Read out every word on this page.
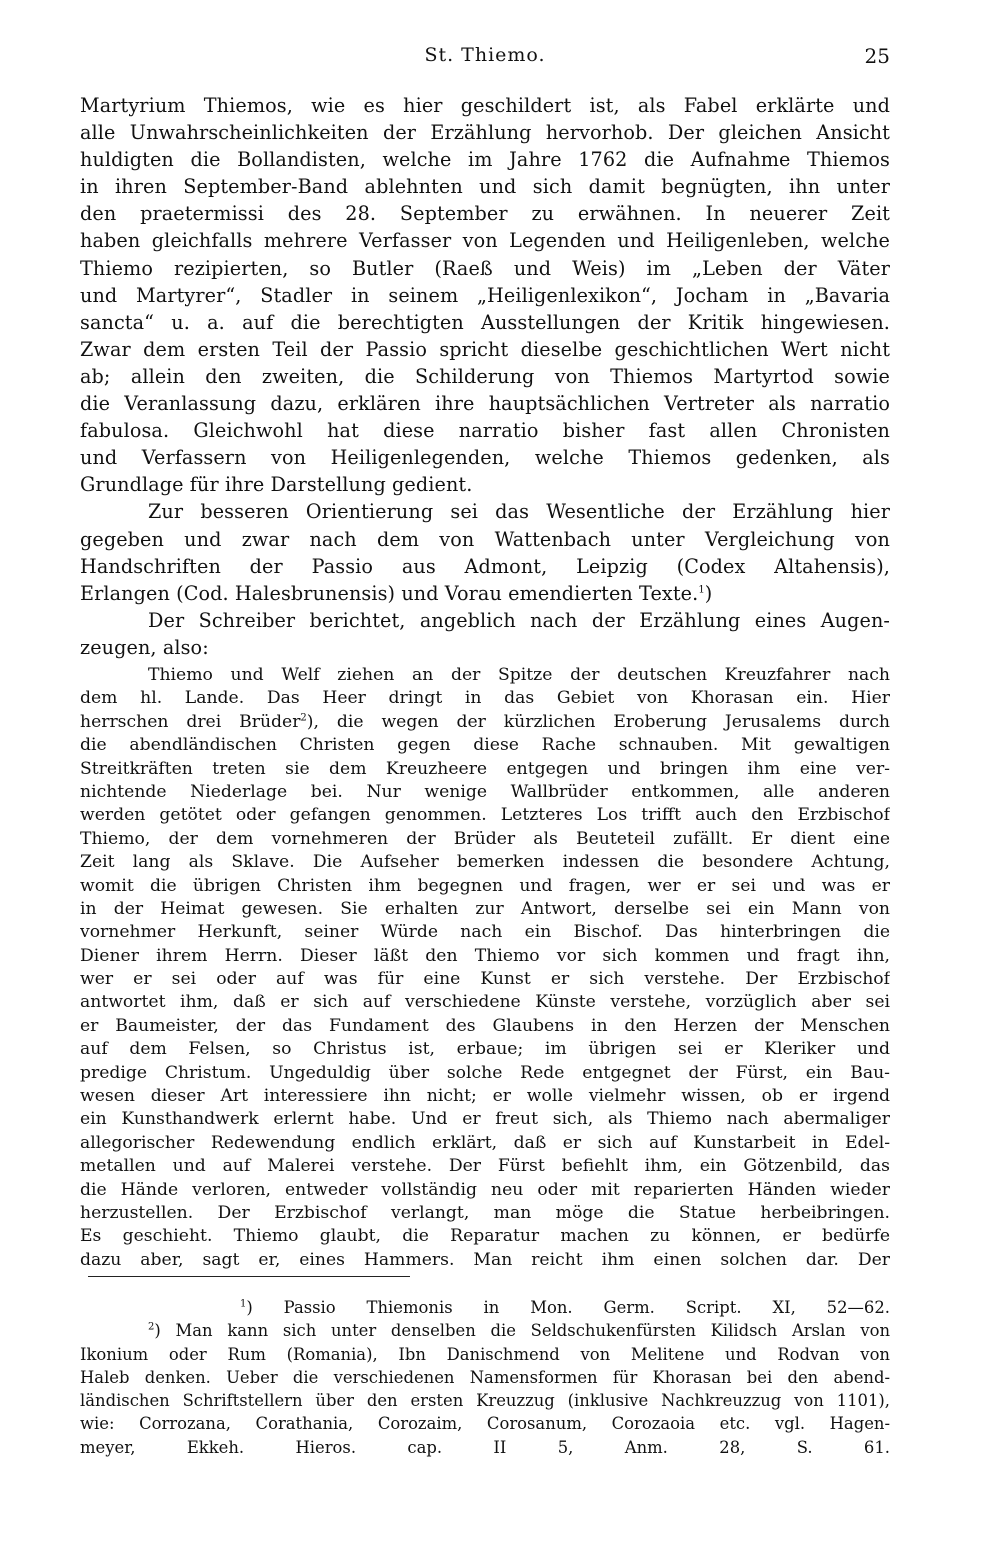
St. Thiemo.	25
Martyrium Thiemos, wie es hier geschildert ist, als Fabel erklärte und
alle Unwahrscheinlichkeiten der Erzählung hervorhob. Der gleichen Ansicht
huldigten die Bollandisten, welche im Jahre 1762 die Aufnahme Thiemos
in ihren September-Band ablehnten und sich damit begnügten, ihn unter
den praetermissi des 28. September zu erwähnen. In neuerer Zeit
haben gleichfalls mehrere Verfasser von Legenden und Heiligenleben, welche
Thiemo rezipierten, so Butler (Raeß und Weis) im „Leben der Väter
und Martyrer“, Stadler in seinem „Heiligenlexikon“, Jocham in „Bavaria
sancta“ u. a. auf die berechtigten Ausstellungen der Kritik hingewiesen.
Zwar dem ersten Teil der Passio spricht dieselbe geschichtlichen Wert nicht
ab; allein den zweiten, die Schilderung von Thiemos Martyrtod sowie
die Veranlassung dazu, erklären ihre hauptsächlichen Vertreter als narratio
fabulosa. Gleichwohl hat diese narratio bisher fast allen Chronisten
und Verfassern von Heiligenlegenden, welche Thiemos gedenken, als
Grundlage für ihre Darstellung gedient.
Zur besseren Orientierung sei das Wesentliche der Erzählung hier
gegeben und zwar nach dem von Wattenbach unter Vergleichung von
Handschriften der Passio aus Admont, Leipzig (Codex Altahensis),
Erlangen (Cod. Halesbrunensis) und Vorau emendierten Texte.$^1$)
Der Schreiber berichtet, angeblich nach der Erzählung eines Augen-
zeugen, also:
Thiemo und Welf ziehen an der Spitze der deutschen Kreuzfahrer nach
dem hl. Lande. Das Heer dringt in das Gebiet von Khorasan ein. Hier
herrschen drei Brüder$^2$), die wegen der kürzlichen Eroberung Jerusalems durch
die abendländischen Christen gegen diese Rache schnauben. Mit gewaltigen
Streitkräften treten sie dem Kreuzheere entgegen und bringen ihm eine ver-
nichtende Niederlage bei. Nur wenige Wallbrüder entkommen, alle anderen
werden getötet oder gefangen genommen. Letzteres Los trifft auch den Erzbischof
Thiemo, der dem vornehmeren der Brüder als Beuteteil zufällt. Er dient eine
Zeit lang als Sklave. Die Aufseher bemerken indessen die besondere Achtung,
womit die übrigen Christen ihm begegnen und fragen, wer er sei und was er
in der Heimat gewesen. Sie erhalten zur Antwort, derselbe sei ein Mann von
vornehmer Herkunft, seiner Würde nach ein Bischof. Das hinterbringen die
Diener ihrem Herrn. Dieser läßt den Thiemo vor sich kommen und fragt ihn,
wer er sei oder auf was für eine Kunst er sich verstehe. Der Erzbischof
antwortet ihm, daß er sich auf verschiedene Künste verstehe, vorzüglich aber sei
er Baumeister, der das Fundament des Glaubens in den Herzen der Menschen
auf dem Felsen, so Christus ist, erbaue; im übrigen sei er Kleriker und
predige Christum. Ungeduldig über solche Rede entgegnet der Fürst, ein Bau-
wesen dieser Art interessiere ihn nicht; er wolle vielmehr wissen, ob er irgend
ein Kunsthandwerk erlernt habe. Und er freut sich, als Thiemo nach abermaliger
allegorischer Redewendung endlich erklärt, daß er sich auf Kunstarbeit in Edel-
metallen und auf Malerei verstehe. Der Fürst befiehlt ihm, ein Götzenbild, das
die Hände verloren, entweder vollständig neu oder mit reparierten Händen wieder
herzustellen. Der Erzbischof verlangt, man möge die Statue herbeibringen.
Es geschieht. Thiemo glaubt, die Reparatur machen zu können, er bedürfe
dazu aber, sagt er, eines Hammers. Man reicht ihm einen solchen dar. Der
$^1$) Passio Thiemonis in Mon. Germ. Script. XI, 52—62.
$^2$) Man kann sich unter denselben die Seldschukenfürsten Kilidsch Arslan von
Ikonium oder Rum (Romania), Ibn Danischmend von Melitene und Rodvan von
Haleb denken. Ueber die verschiedenen Namensformen für Khorasan bei den abend-
ländischen Schriftstellern über den ersten Kreuzzug (inklusive Nachkreuzzug von 1101),
wie: Corrozana, Corathania, Corozaim, Corosanum, Corozaoia etc. vgl. Hagen-
meyer, Ekkeh. Hieros. cap. II 5, Anm. 28, S. 61.
